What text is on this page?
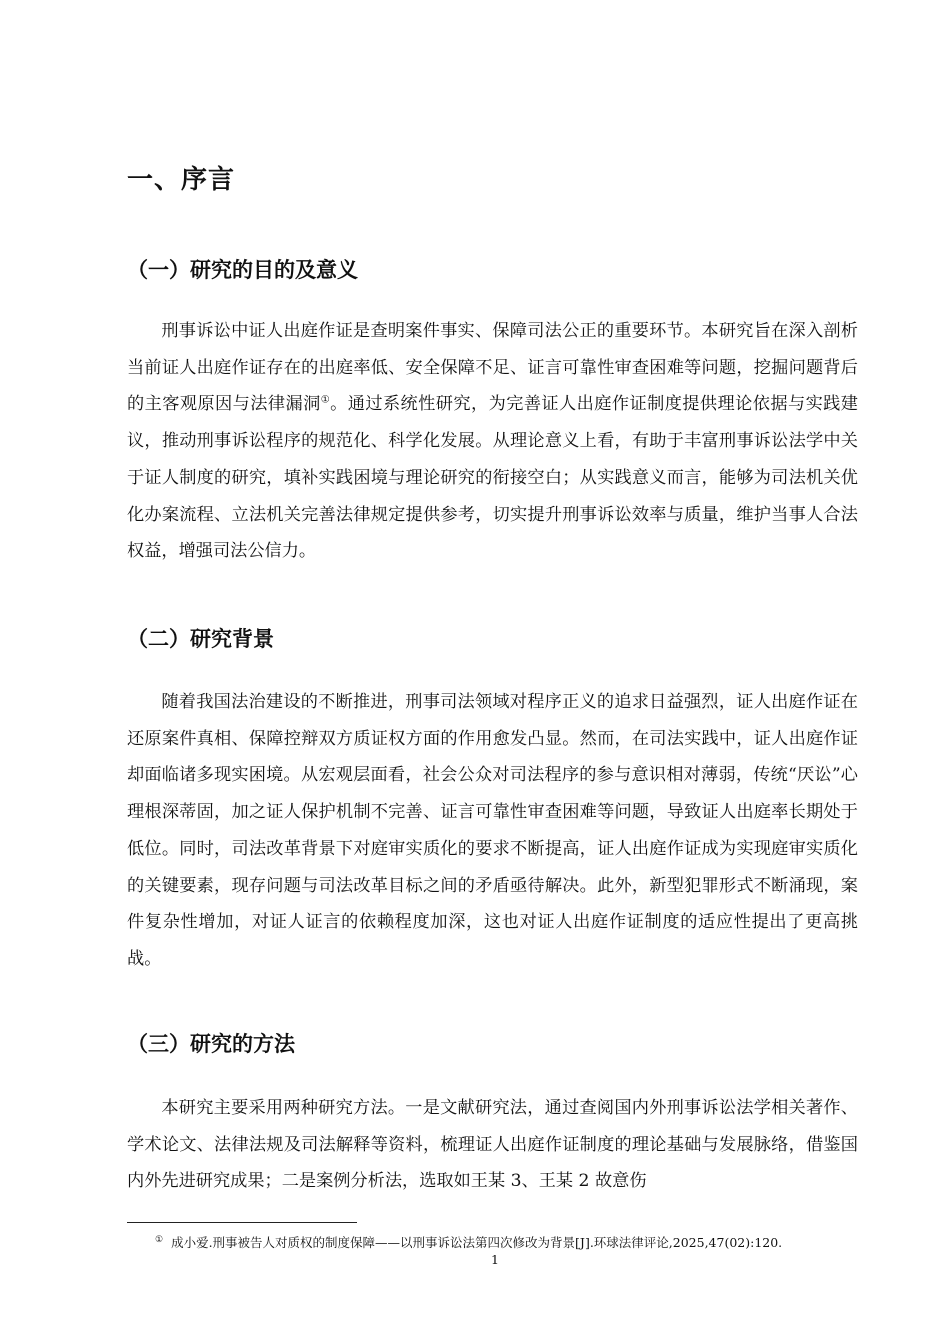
一、序言
（一）研究的目的及意义

刑事诉讼中证人出庭作证是查明案件事实、保障司法公正的重要环节。本研究旨在深入剖析当前证人出庭作证存在的出庭率低、安全保障不足、证言可靠性审查困难等问题，挖掘问题背后的主客观原因与法律漏洞①。通过系统性研究，为完善证人出庭作证制度提供理论依据与实践建议，推动刑事诉讼程序的规范化、科学化发展。从理论意义上看，有助于丰富刑事诉讼法学中关于证人制度的研究，填补实践困境与理论研究的衔接空白；从实践意义而言，能够为司法机关优化办案流程、立法机关完善法律规定提供参考，切实提升刑事诉讼效率与质量，维护当事人合法权益，增强司法公信力。

（二）研究背景

随着我国法治建设的不断推进，刑事司法领域对程序正义的追求日益强烈，证人出庭作证在还原案件真相、保障控辩双方质证权方面的作用愈发凸显。然而，在司法实践中，证人出庭作证却面临诸多现实困境。从宏观层面看，社会公众对司法程序的参与意识相对薄弱，传统“厌讼”心理根深蒂固，加之证人保护机制不完善、证言可靠性审查困难等问题，导致证人出庭率长期处于低位。同时，司法改革背景下对庭审实质化的要求不断提高，证人出庭作证成为实现庭审实质化的关键要素，现存问题与司法改革目标之间的矛盾亟待解决。此外，新型犯罪形式不断涌现，案件复杂性增加，对证人证言的依赖程度加深，这也对证人出庭作证制度的适应性提出了更高挑战。

（三）研究的方法

本研究主要采用两种研究方法。一是文献研究法，通过查阅国内外刑事诉讼法学相关著作、学术论文、法律法规及司法解释等资料，梳理证人出庭作证制度的理论基础与发展脉络，借鉴国内外先进研究成果；二是案例分析法，选取如王某 3、王某 2 故意伤

① 成小爱.刑事被告人对质权的制度保障——以刑事诉讼法第四次修改为背景[J].环球法律评论,2025,47(02):120.

1
